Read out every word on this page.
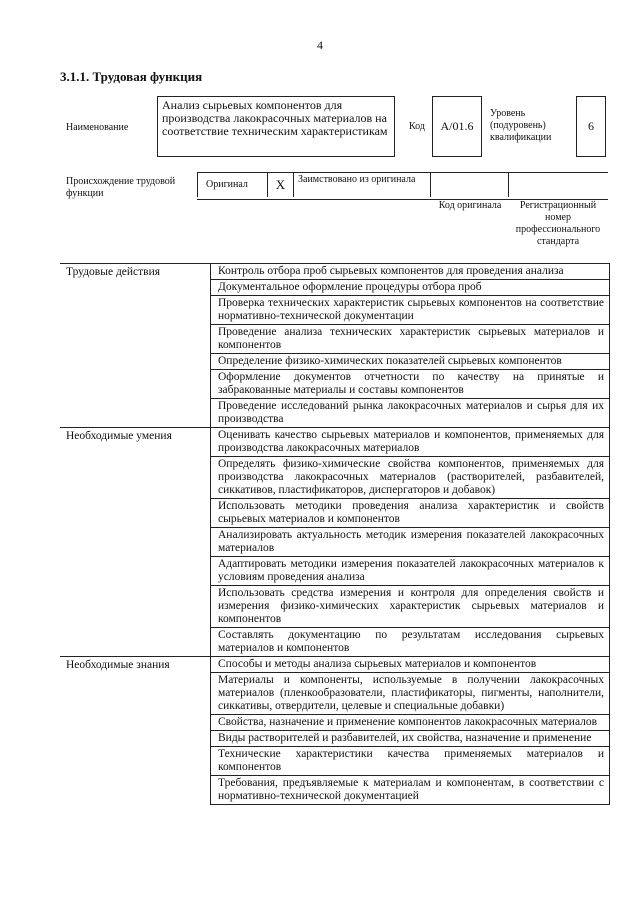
4
3.1.1. Трудовая функция
Наименование
Анализ сырьевых компонентов для производства лакокрасочных материалов на соответствие техническим характеристикам	Код	A/01.6
Уровень (подуровень) квалификации
6
Происхождение трудовой функции
Оригинал	X	Заимствовано из оригинала
Код оригинала	Регистрационный номер профессионального стандарта
Трудовые действия	Контроль отбора проб сырьевых компонентов для проведения анализа
	Документальное оформление процедуры отбора проб
	Проверка технических характеристик сырьевых компонентов на соответствие нормативно-технической документации
	Проведение анализа технических характеристик сырьевых материалов и компонентов
	Определение физико-химических показателей сырьевых компонентов
	Оформление документов отчетности по качеству на принятые и забракованные материалы и составы компонентов
	Проведение исследований рынка лакокрасочных материалов и сырья для их производства
Необходимые умения	Оценивать качество сырьевых материалов и компонентов, применяемых для производства лакокрасочных материалов
	Определять физико-химические свойства компонентов, применяемых для производства лакокрасочных материалов (растворителей, разбавителей, сиккативов, пластификаторов, диспергаторов и добавок)
	Использовать методики проведения анализа характеристик и свойств сырьевых материалов и компонентов
	Анализировать актуальность методик измерения показателей лакокрасочных материалов
	Адаптировать методики измерения показателей лакокрасочных материалов к условиям проведения анализа
	Использовать средства измерения и контроля для определения свойств и измерения физико-химических характеристик сырьевых материалов и компонентов
	Составлять документацию по результатам исследования сырьевых материалов и компонентов
Необходимые знания	Способы и методы анализа сырьевых материалов и компонентов
	Материалы и компоненты, используемые в получении лакокрасочных материалов (пленкообразователи, пластификаторы, пигменты, наполнители, сиккативы, отвердители, целевые и специальные добавки)
	Свойства, назначение и применение компонентов лакокрасочных материалов
	Виды растворителей и разбавителей, их свойства, назначение и применение
	Технические характеристики качества применяемых материалов и компонентов
	Требования, предъявляемые к материалам и компонентам, в соответствии с нормативно-технической документацией
